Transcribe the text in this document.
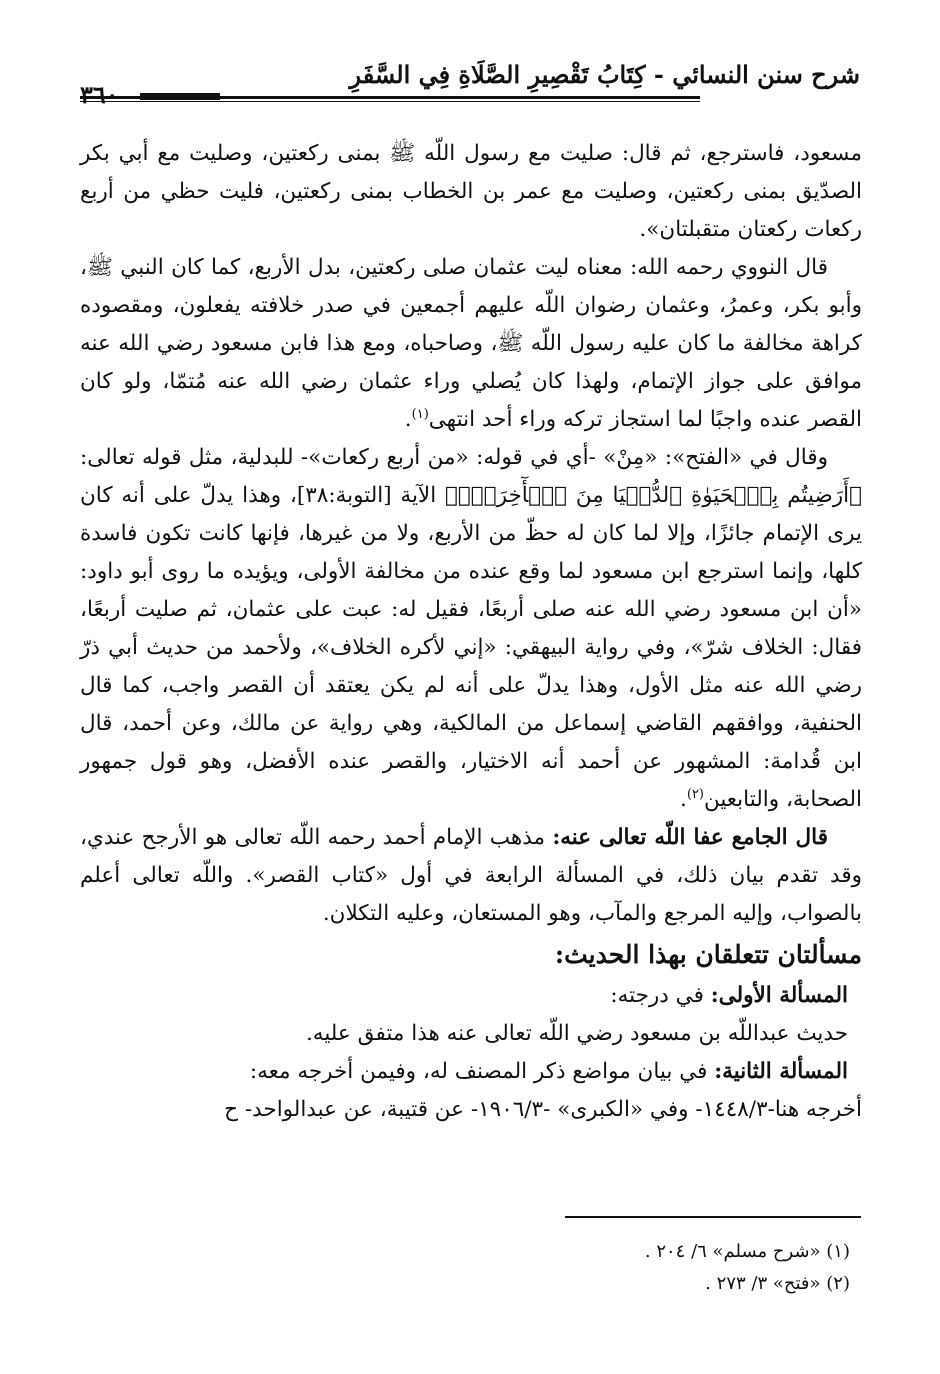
شرح سنن النسائي - كِتَابُ تَقْصِيرِ الصَّلَاةِ فِي السَّفَرِ
٣٦٠

مسعود، فاسترجع، ثم قال: صليت مع رسول اللّه ﷺ بمنى ركعتين، وصليت مع أبي بكر الصدّيق بمنى ركعتين، وصليت مع عمر بن الخطاب بمنى ركعتين، فليت حظي من أربع ركعات ركعتان متقبلتان».

قال النووي رحمه الله: معناه ليت عثمان صلى ركعتين، بدل الأربع، كما كان النبي ﷺ، وأبو بكر، وعمرُ، وعثمان رضوان اللّه عليهم أجمعين في صدر خلافته يفعلون، ومقصوده كراهة مخالفة ما كان عليه رسول اللّه ﷺ، وصاحباه، ومع هذا فابن مسعود رضي الله عنه موافق على جواز الإتمام، ولهذا كان يُصلي وراء عثمان رضي الله عنه مُتمّا، ولو كان القصر عنده واجبًا لما استجاز تركه وراء أحد انتهى$^{(١)}$.

وقال في «الفتح»: «مِنْ» -أي في قوله: «من أربع ركعات»- للبدلية، مثل قوله تعالى: ﴿أَرَضِيتُم بِٱلۡحَيَوٰةِ ٱلدُّنۡيَا مِنَ ٱلۡأٓخِرَةِۚ﴾ الآية [التوبة:٣٨]، وهذا يدلّ على أنه كان يرى الإتمام جائزًا، وإلا لما كان له حظّ من الأربع، ولا من غيرها، فإنها كانت تكون فاسدة كلها، وإنما استرجع ابن مسعود لما وقع عنده من مخالفة الأولى، ويؤيده ما روى أبو داود: «أن ابن مسعود رضي الله عنه صلى أربعًا، فقيل له: عبت على عثمان، ثم صليت أربعًا، فقال: الخلاف شرّ»، وفي رواية البيهقي: «إني لأكره الخلاف»، ولأحمد من حديث أبي ذرّ رضي الله عنه مثل الأول، وهذا يدلّ على أنه لم يكن يعتقد أن القصر واجب، كما قال الحنفية، ووافقهم القاضي إسماعل من المالكية، وهي رواية عن مالك، وعن أحمد، قال ابن قُدامة: المشهور عن أحمد أنه الاختيار، والقصر عنده الأفضل، وهو قول جمهور الصحابة، والتابعين$^{(٢)}$.

قال الجامع عفا اللّه تعالى عنه: مذهب الإمام أحمد رحمه اللّه تعالى هو الأرجح عندي، وقد تقدم بيان ذلك، في المسألة الرابعة في أول «كتاب القصر». واللّه تعالى أعلم بالصواب، وإليه المرجع والمآب، وهو المستعان، وعليه التكلان.

مسألتان تتعلقان بهذا الحديث:

المسألة الأولى: في درجته:

حديث عبداللّه بن مسعود رضي اللّه تعالى عنه هذا متفق عليه.

المسألة الثانية: في بيان مواضع ذكر المصنف له، وفيمن أخرجه معه:

أخرجه هنا-١٤٤٨/٣- وفي «الكبرى» -١٩٠٦/٣- عن قتيبة، عن عبدالواحد- ح

(١) «شرح مسلم» ٦/ ٢٠٤ .

(٢) «فتح» ٣/ ٢٧٣ .
